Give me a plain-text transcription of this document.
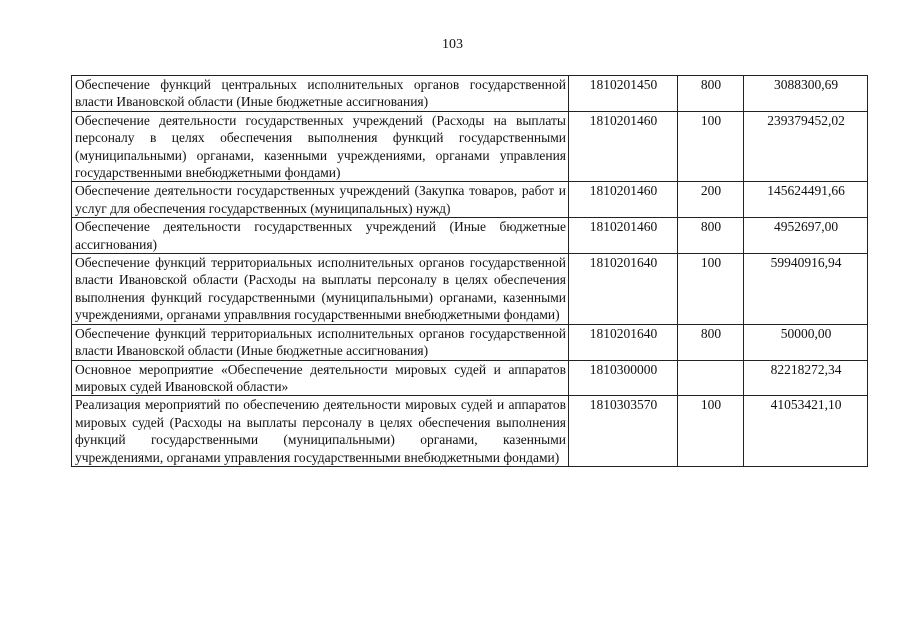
103
Обеспечение функций центральных исполнительных органов государственной власти Ивановской области (Иные бюджетные ассигнования)	1810201450	800	3088300,69
Обеспечение деятельности государственных учреждений (Расходы на выплаты персоналу в целях обеспечения выполнения функций государственными (муниципальными) органами, казенными учреждениями, органами управления государственными внебюджетными фондами)	1810201460	100	239379452,02
Обеспечение деятельности государственных учреждений (Закупка товаров, работ и услуг для обеспечения государственных (муниципальных) нужд)	1810201460	200	145624491,66
Обеспечение деятельности государственных учреждений (Иные бюджетные ассигнования)	1810201460	800	4952697,00
Обеспечение функций территориальных исполнительных органов государственной власти Ивановской области (Расходы на выплаты персоналу в целях обеспечения выполнения функций государственными (муниципальными) органами, казенными учреждениями, органами управлвния государственными внебюджетными фондами)	1810201640	100	59940916,94
Обеспечение функций территориальных исполнительных органов государственной власти Ивановской области (Иные бюджетные ассигнования)	1810201640	800	50000,00
Основное мероприятие «Обеспечение деятельности мировых судей и аппаратов мировых судей Ивановской области»	1810300000		82218272,34
Реализация мероприятий по обеспечению деятельности мировых судей и аппаратов мировых судей (Расходы на выплаты персоналу в целях обеспечения выполнения функций государственными (муниципальными) органами, казенными учреждениями, органами управления государственными внебюджетными фондами)	1810303570	100	41053421,10
